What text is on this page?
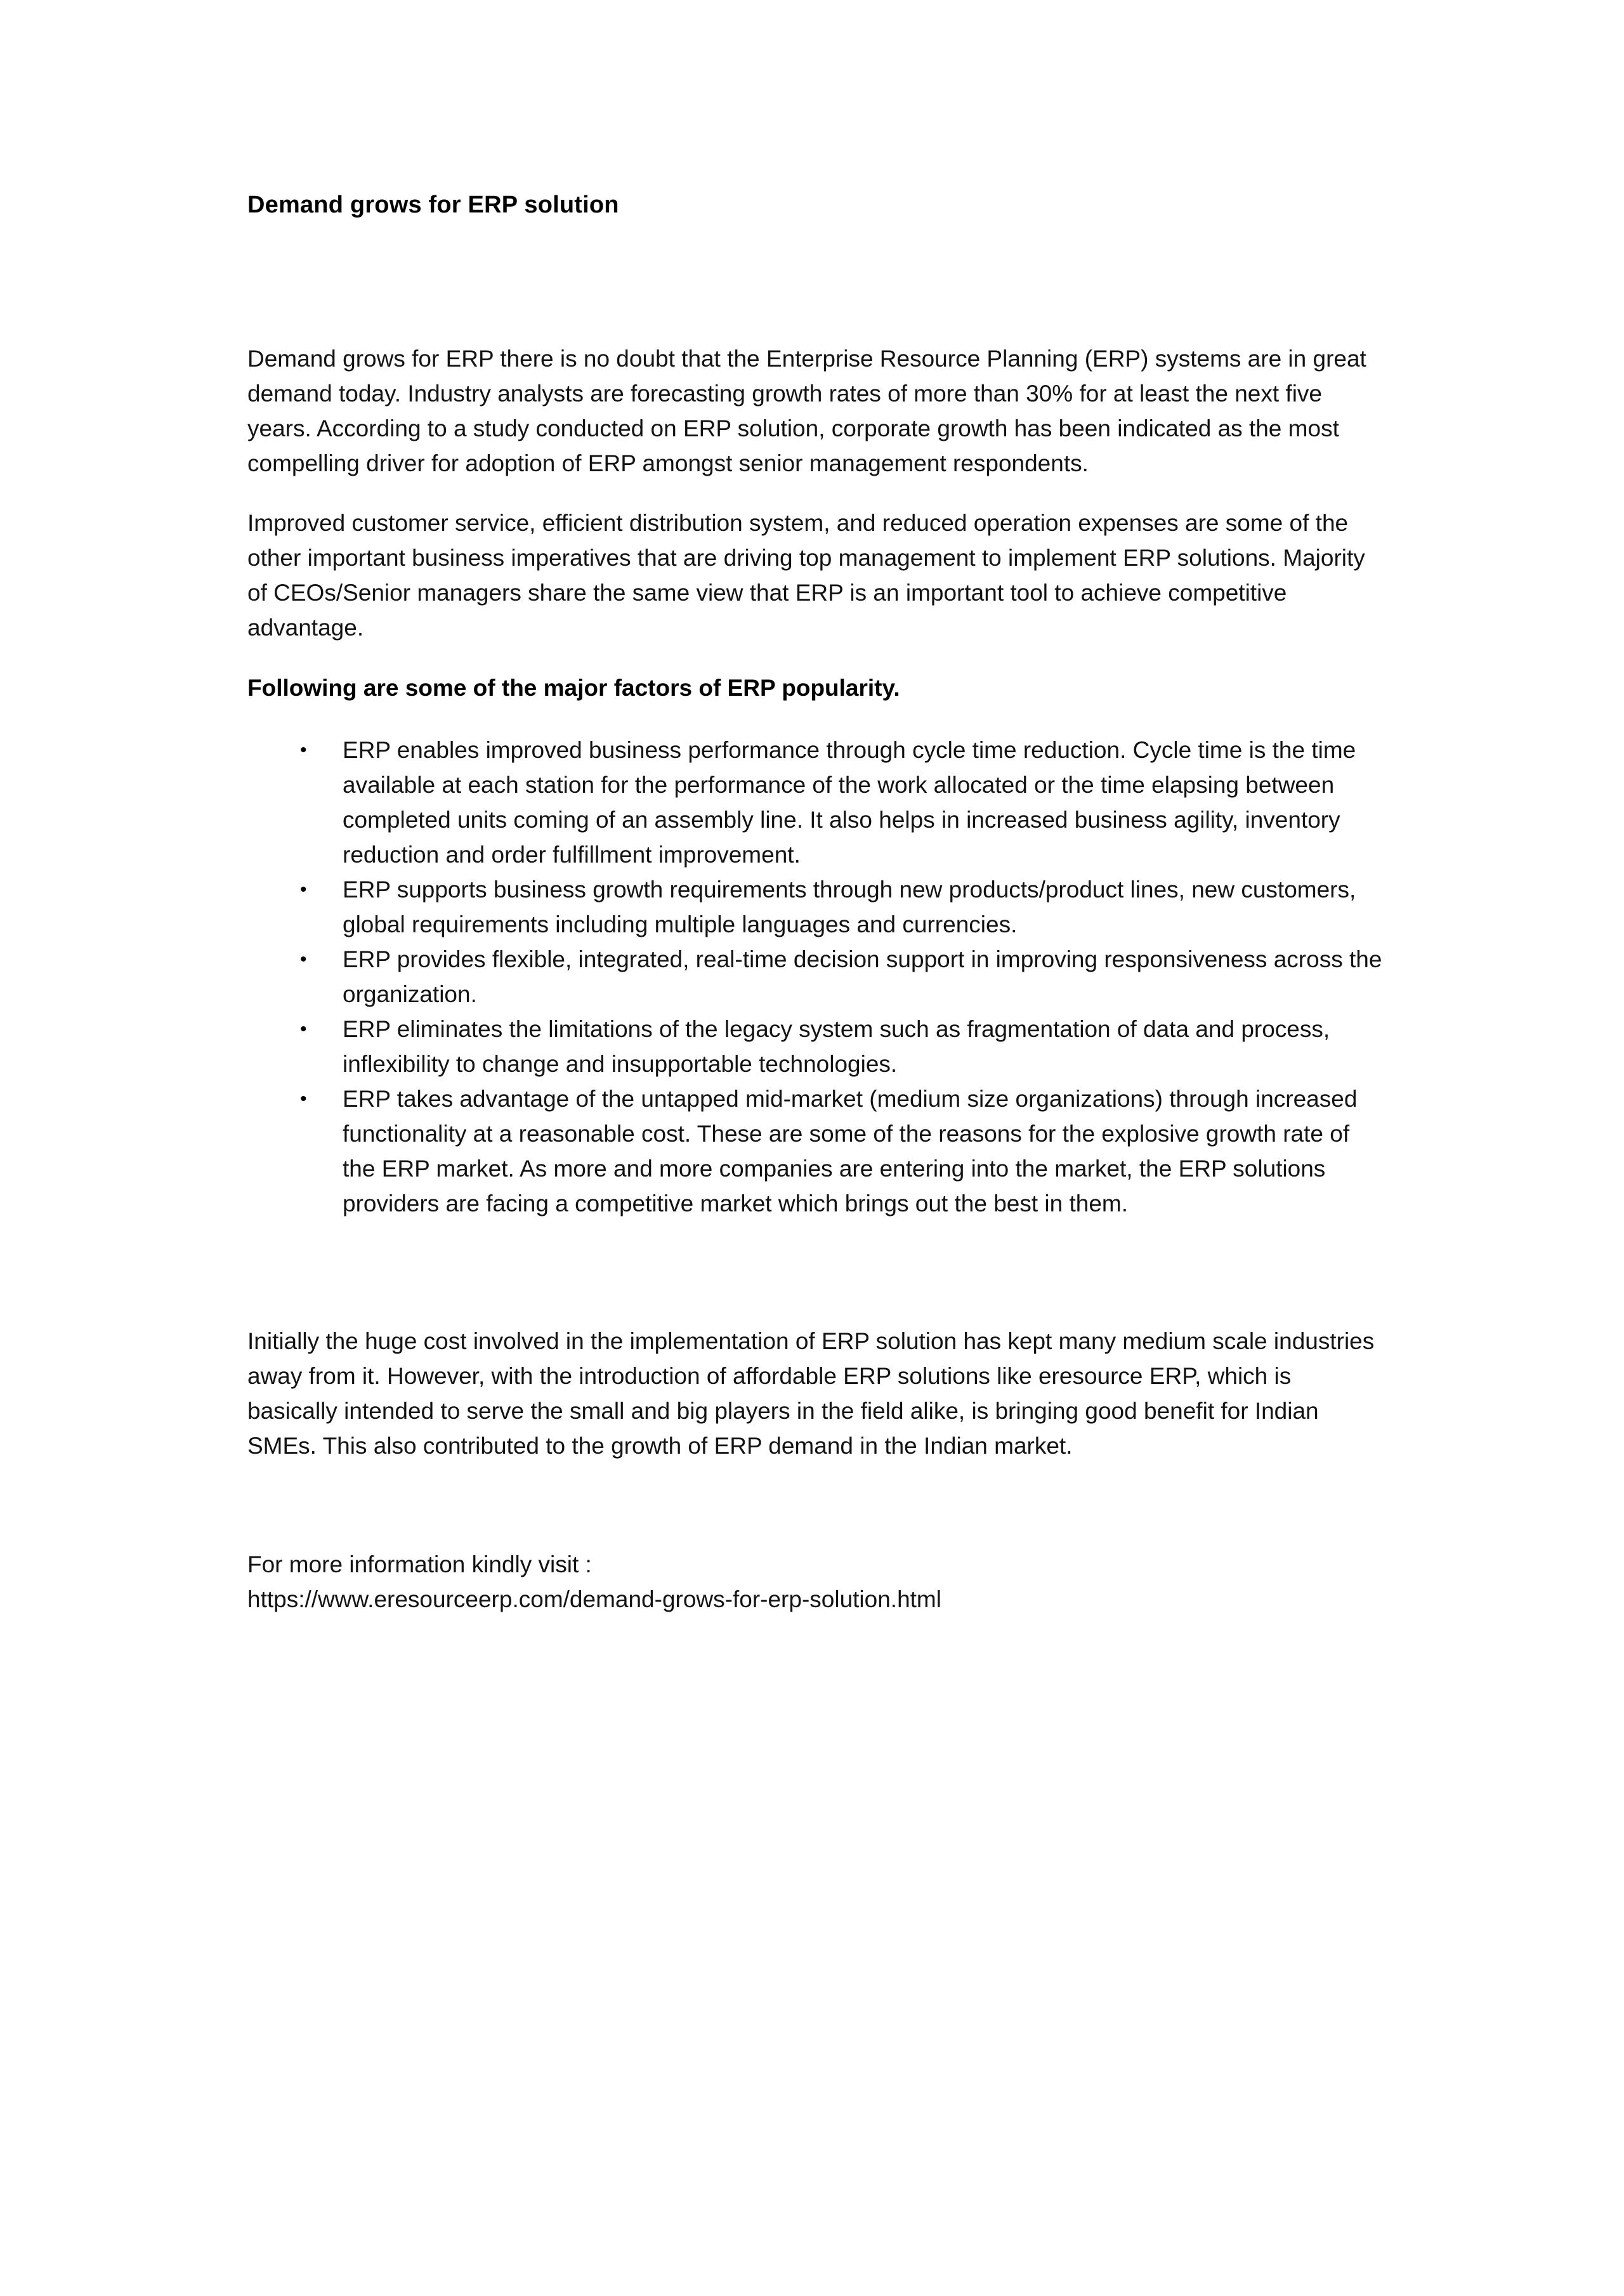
Demand grows for ERP solution

Demand grows for ERP there is no doubt that the Enterprise Resource Planning (ERP) systems are in great demand today. Industry analysts are forecasting growth rates of more than 30% for at least the next five years. According to a study conducted on ERP solution, corporate growth has been indicated as the most compelling driver for adoption of ERP amongst senior management respondents.

Improved customer service, efficient distribution system, and reduced operation expenses are some of the other important business imperatives that are driving top management to implement ERP solutions. Majority of CEOs/Senior managers share the same view that ERP is an important tool to achieve competitive advantage.

Following are some of the major factors of ERP popularity.

• ERP enables improved business performance through cycle time reduction. Cycle time is the time available at each station for the performance of the work allocated or the time elapsing between completed units coming of an assembly line. It also helps in increased business agility, inventory reduction and order fulfillment improvement.
• ERP supports business growth requirements through new products/product lines, new customers, global requirements including multiple languages and currencies.
• ERP provides flexible, integrated, real-time decision support in improving responsiveness across the organization.
• ERP eliminates the limitations of the legacy system such as fragmentation of data and process, inflexibility to change and insupportable technologies.
• ERP takes advantage of the untapped mid-market (medium size organizations) through increased functionality at a reasonable cost. These are some of the reasons for the explosive growth rate of the ERP market. As more and more companies are entering into the market, the ERP solutions providers are facing a competitive market which brings out the best in them.

Initially the huge cost involved in the implementation of ERP solution has kept many medium scale industries away from it. However, with the introduction of affordable ERP solutions like eresource ERP, which is basically intended to serve the small and big players in the field alike, is bringing good benefit for Indian SMEs. This also contributed to the growth of ERP demand in the Indian market.

For more information kindly visit :

https://www.eresourceerp.com/demand-grows-for-erp-solution.html
